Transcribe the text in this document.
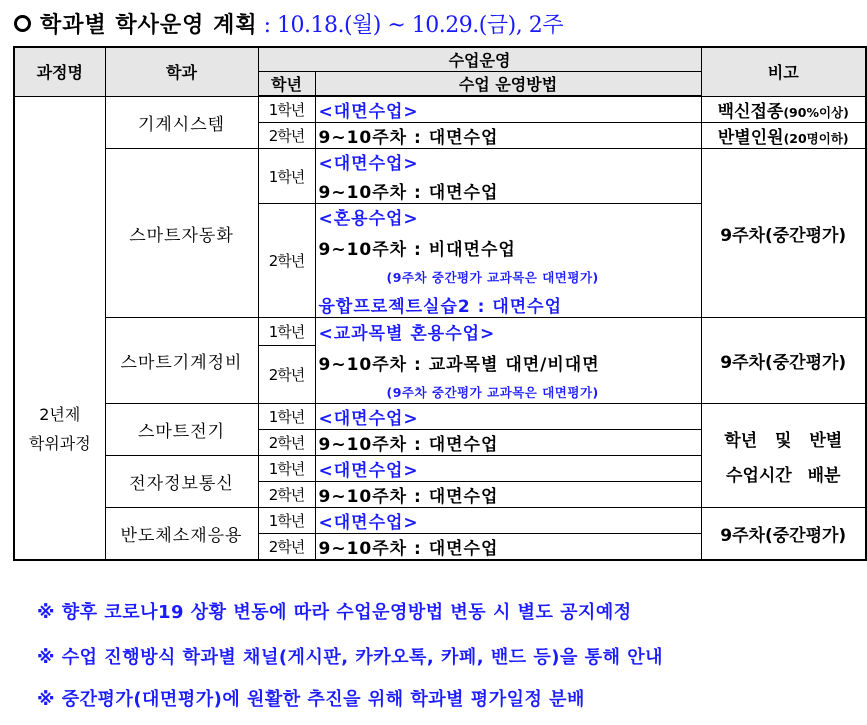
학과별 학사운영 계획 : 10.18.(월) ~ 10.29.(금), 2주
과정명	학과	수업운영		비고
		학년	수업 운영방법	

2년제
학위과정	기계시스템	1학년	<대면수업>	백신접종(90%이상)
		2학년	9~10주차 : 대면수업	반별인원(20명이하)
	스마트자동화	1학년	<대면수업>
9~10주차 : 대면수업	9주차(중간평가)
		2학년	<혼용수업>
9~10주차 : 비대면수업
(9주차 중간평가 교과목은 대면평가)
융합프로젝트실습2 : 대면수업	

	스마트기계정비	1학년	<교과목별 혼용수업>	9주차(중간평가)
		2학년	9~10주차 : 교과목별 대면/비대면
(9주차 중간평가 교과목은 대면평가)	

	스마트전기	1학년	<대면수업>	학년 및 반별
수업시간 배분

		2학년	9~10주차 : 대면수업	
	전자정보통신	1학년	<대면수업>	
		2학년	9~10주차 : 대면수업	
	반도체소재응용	1학년	<대면수업>	9주차(중간평가)
		2학년	9~10주차 : 대면수업	
※ 향후 코로나19 상황 변동에 따라 수업운영방법 변동 시 별도 공지예정
※ 수업 진행방식 학과별 채널(게시판, 카카오톡, 카페, 밴드 등)을 통해 안내
※ 중간평가(대면평가)에 원활한 추진을 위해 학과별 평가일정 분배
